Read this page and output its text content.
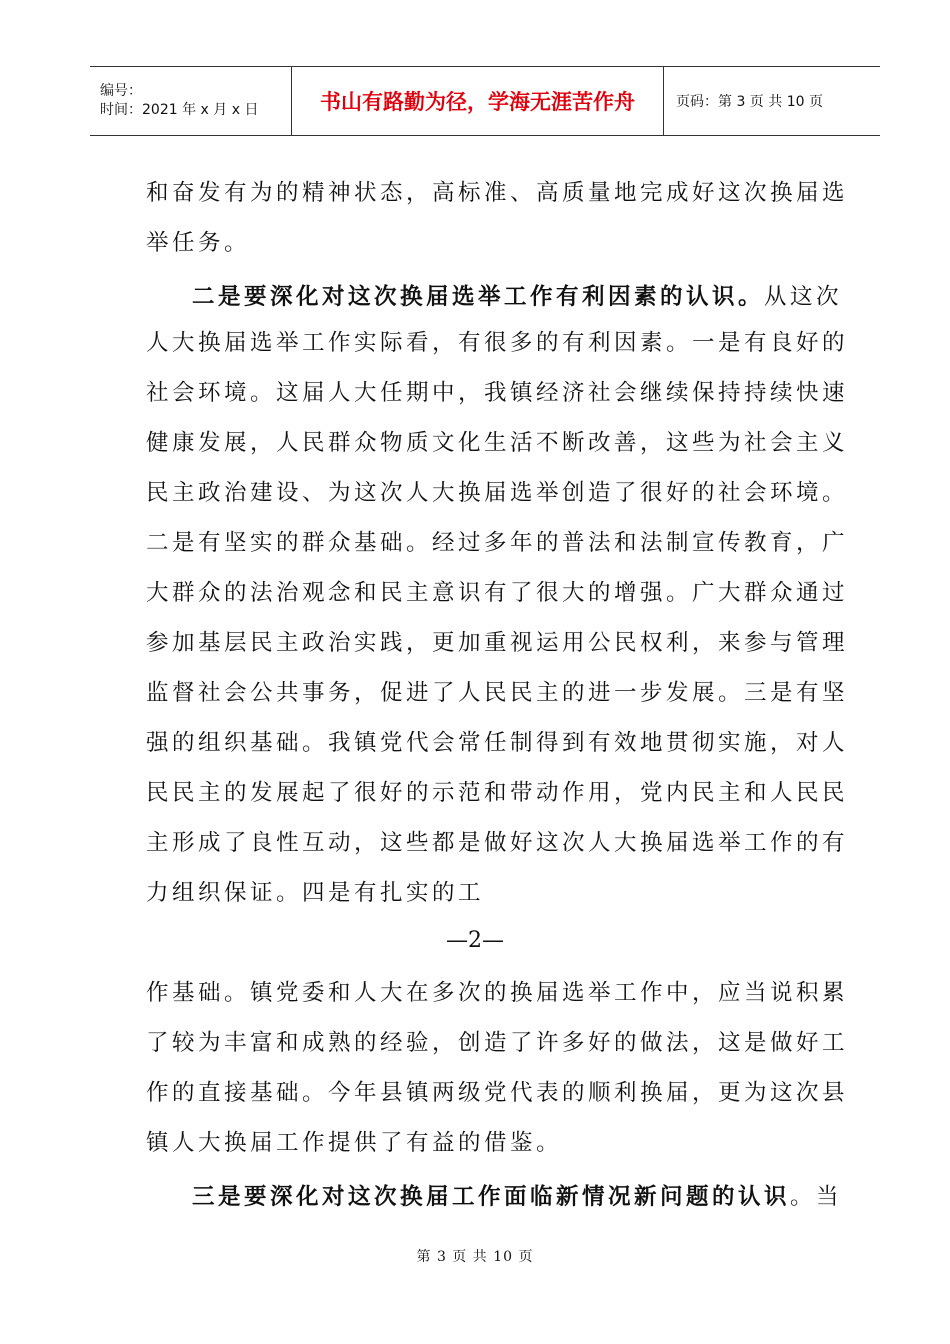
编号：
时间：2021 年 x 月 x 日	书山有路勤为径，学海无涯苦作舟	页码：第 3 页 共 10 页
和奋发有为的精神状态，高标准、高质量地完成好这次换届选
举任务。
二是要深化对这次换届选举工作有利因素的认识。从这次
人大换届选举工作实际看，有很多的有利因素。一是有良好的
社会环境。这届人大任期中，我镇经济社会继续保持持续快速
健康发展，人民群众物质文化生活不断改善，这些为社会主义
民主政治建设、为这次人大换届选举创造了很好的社会环境。
二是有坚实的群众基础。经过多年的普法和法制宣传教育，广
大群众的法治观念和民主意识有了很大的增强。广大群众通过
参加基层民主政治实践，更加重视运用公民权利，来参与管理
监督社会公共事务，促进了人民民主的进一步发展。三是有坚
强的组织基础。我镇党代会常任制得到有效地贯彻实施，对人
民民主的发展起了很好的示范和带动作用，党内民主和人民民
主形成了良性互动，这些都是做好这次人大换届选举工作的有
力组织保证。四是有扎实的工
—2—
作基础。镇党委和人大在多次的换届选举工作中，应当说积累
了较为丰富和成熟的经验，创造了许多好的做法，这是做好工
作的直接基础。今年县镇两级党代表的顺利换届，更为这次县
镇人大换届工作提供了有益的借鉴。
三是要深化对这次换届工作面临新情况新问题的认识。当
第 3 页 共 10 页
